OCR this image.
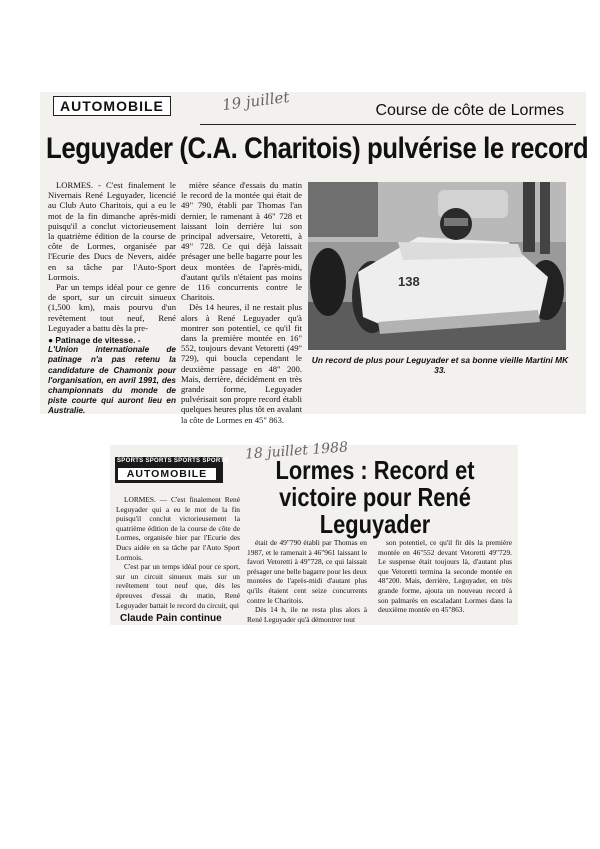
AUTOMOBILE	19 juillet	Course de côte de Lormes
Leguyader (C.A. Charitois) pulvérise le record

LORMES. - C'est finalement le Nivernais René Leguyader, licencié au Club Auto Charitois, qui a eu le mot de la fin dimanche après-midi puisqu'il a conclut victorieusement la quatrième édition de la course de côte de Lormes, organisée par l'Ecurie des Ducs de Nevers, aidée en sa tâche par l'Auto-Sport Lormois.

Par un temps idéal pour ce genre de sport, sur un circuit sinueux (1,500 km), mais pourvu d'un revêtement tout neuf, René Leguyader a battu dès la pre-

● Patinage de vitesse. -

L'Union internationale de patinage n'a pas retenu la candidature de Chamonix pour l'organisation, en avril 1991, des championnats du monde de piste courte qui auront lieu en Australie.

mière séance d'essais du matin le record de la montée qui était de 49" 790, établi par Thomas l'an dernier, le ramenant à 46" 728 et laissant loin derrière lui son principal adversaire, Vetoretti, à 49" 728. Ce qui déjà laissait présager une belle bagarre pour les deux montées de l'après-midi, d'autant qu'ils n'étaient pas moins de 116 concurrents contre le Charitois.

Dès 14 heures, il ne restait plus alors à René Leguyader qu'à montrer son potentiel, ce qu'il fit dans la première montée en 16" 552, toujours devant Vetoretti (49" 729), qui boucla cependant le deuxième passage en 48" 200. Mais, derrière, décidément en très grande forme, Leguyader pulvérisait son propre record établi quelques heures plus tôt en avalant la côte de Lormes en 45" 863.

138

Un record de plus pour Leguyader et sa bonne vieille Martini MK 33.

SPORTS SPORTS SPORTS SPORTS
AUTOMOBILE
18 juillet 1988
Lormes : Record et victoire pour René Leguyader

LORMES. — C'est finalement René Leguyader qui a eu le mot de la fin puisqu'il conclut victorieusement la quatrième édition de la course de côte de Lormes, organisée hier par l'Ecurie des Ducs aidée en sa tâche par l'Auto Sport Lormois.

C'est par un temps idéal pour ce sport, sur un circuit sinueux mais sur un revêtement tout neuf que, dès les épreuves d'essai du matin, René Leguyader battait le record du circuit, qui

était de 49"790 établi par Thomas en 1987, et le ramenait à 46"961 laissant le favori Vetoretti à 49"728, ce qui laissait présager une belle bagarre pour les deux montées de l'après-midi d'autant plus qu'ils étaient cent seize concurrents contre le Charitois.

Dès 14 h, ile ne resta plus alors à René Leguyader qu'à démontrer tout

son potentiel, ce qu'il fit dès la première montée en 46"552 devant Vetoretti 49"729. Le suspense était toujours là, d'autant plus que Vetoretti termina la seconde montée en 48"200. Mais, derrière, Leguyader, en très grande forme, ajouta un nouveau record à son palmarès en escaladant Lormes dans la deuxième montée en 45"863.

Claude Pain continue
